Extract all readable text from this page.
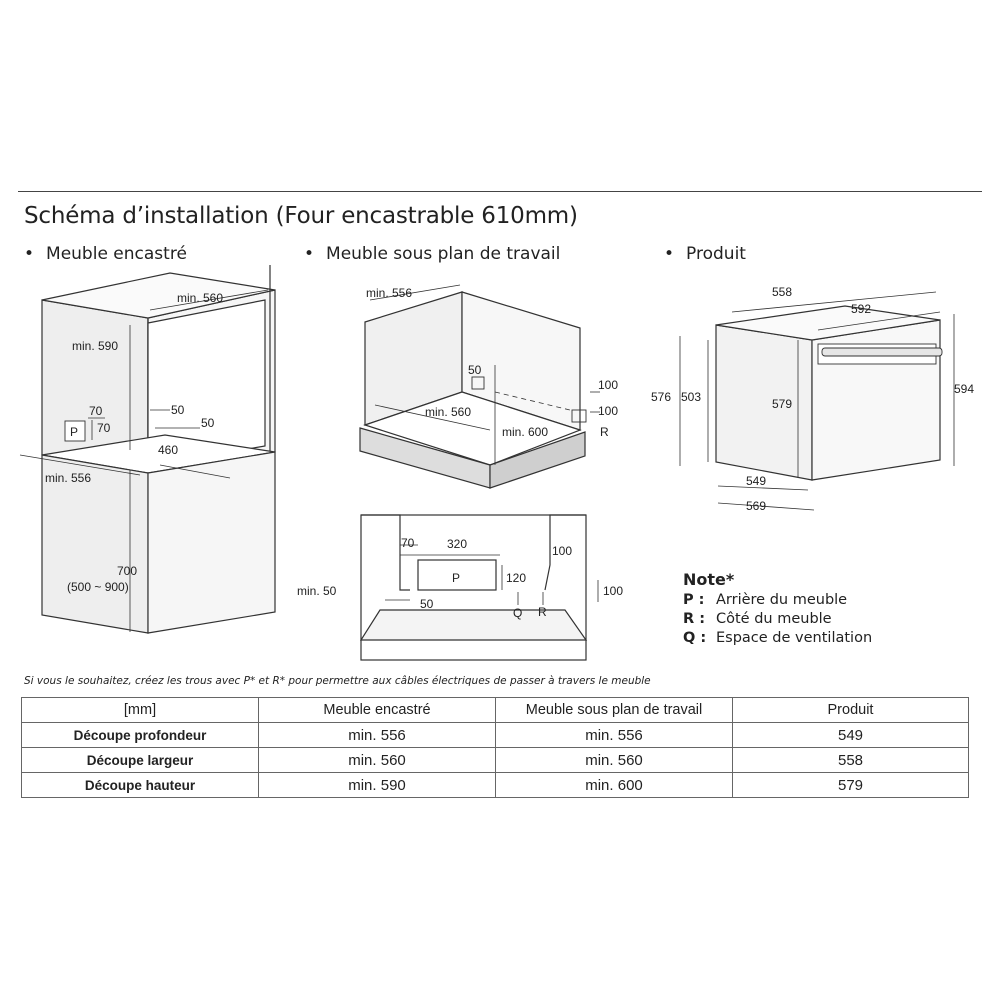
Schéma d’installation (Four encastrable 610mm)
• Meuble encastré	• Meuble sous plan de travail	• Produit
min. 560
min. 590
70
70
P
50
50
460
min. 556
700
(500 ~ 900)
min. 556
50
min. 560
min. 600
100
100
R
70	320	100
P	120
100
min. 50
50
Q R
558
592
576 503	579
594
549
569
Note*
P : Arrière du meuble
R : Côté du meuble
Q : Espace de ventilation
Si vous le souhaitez, créez les trous avec P* et R* pour permettre aux câbles électriques de passer à travers le meuble
[mm]	Meuble encastré	Meuble sous plan de travail	Produit
Découpe profondeur	min. 556	min. 556	549
Découpe largeur	min. 560	min. 560	558
Découpe hauteur	min. 590	min. 600	579
